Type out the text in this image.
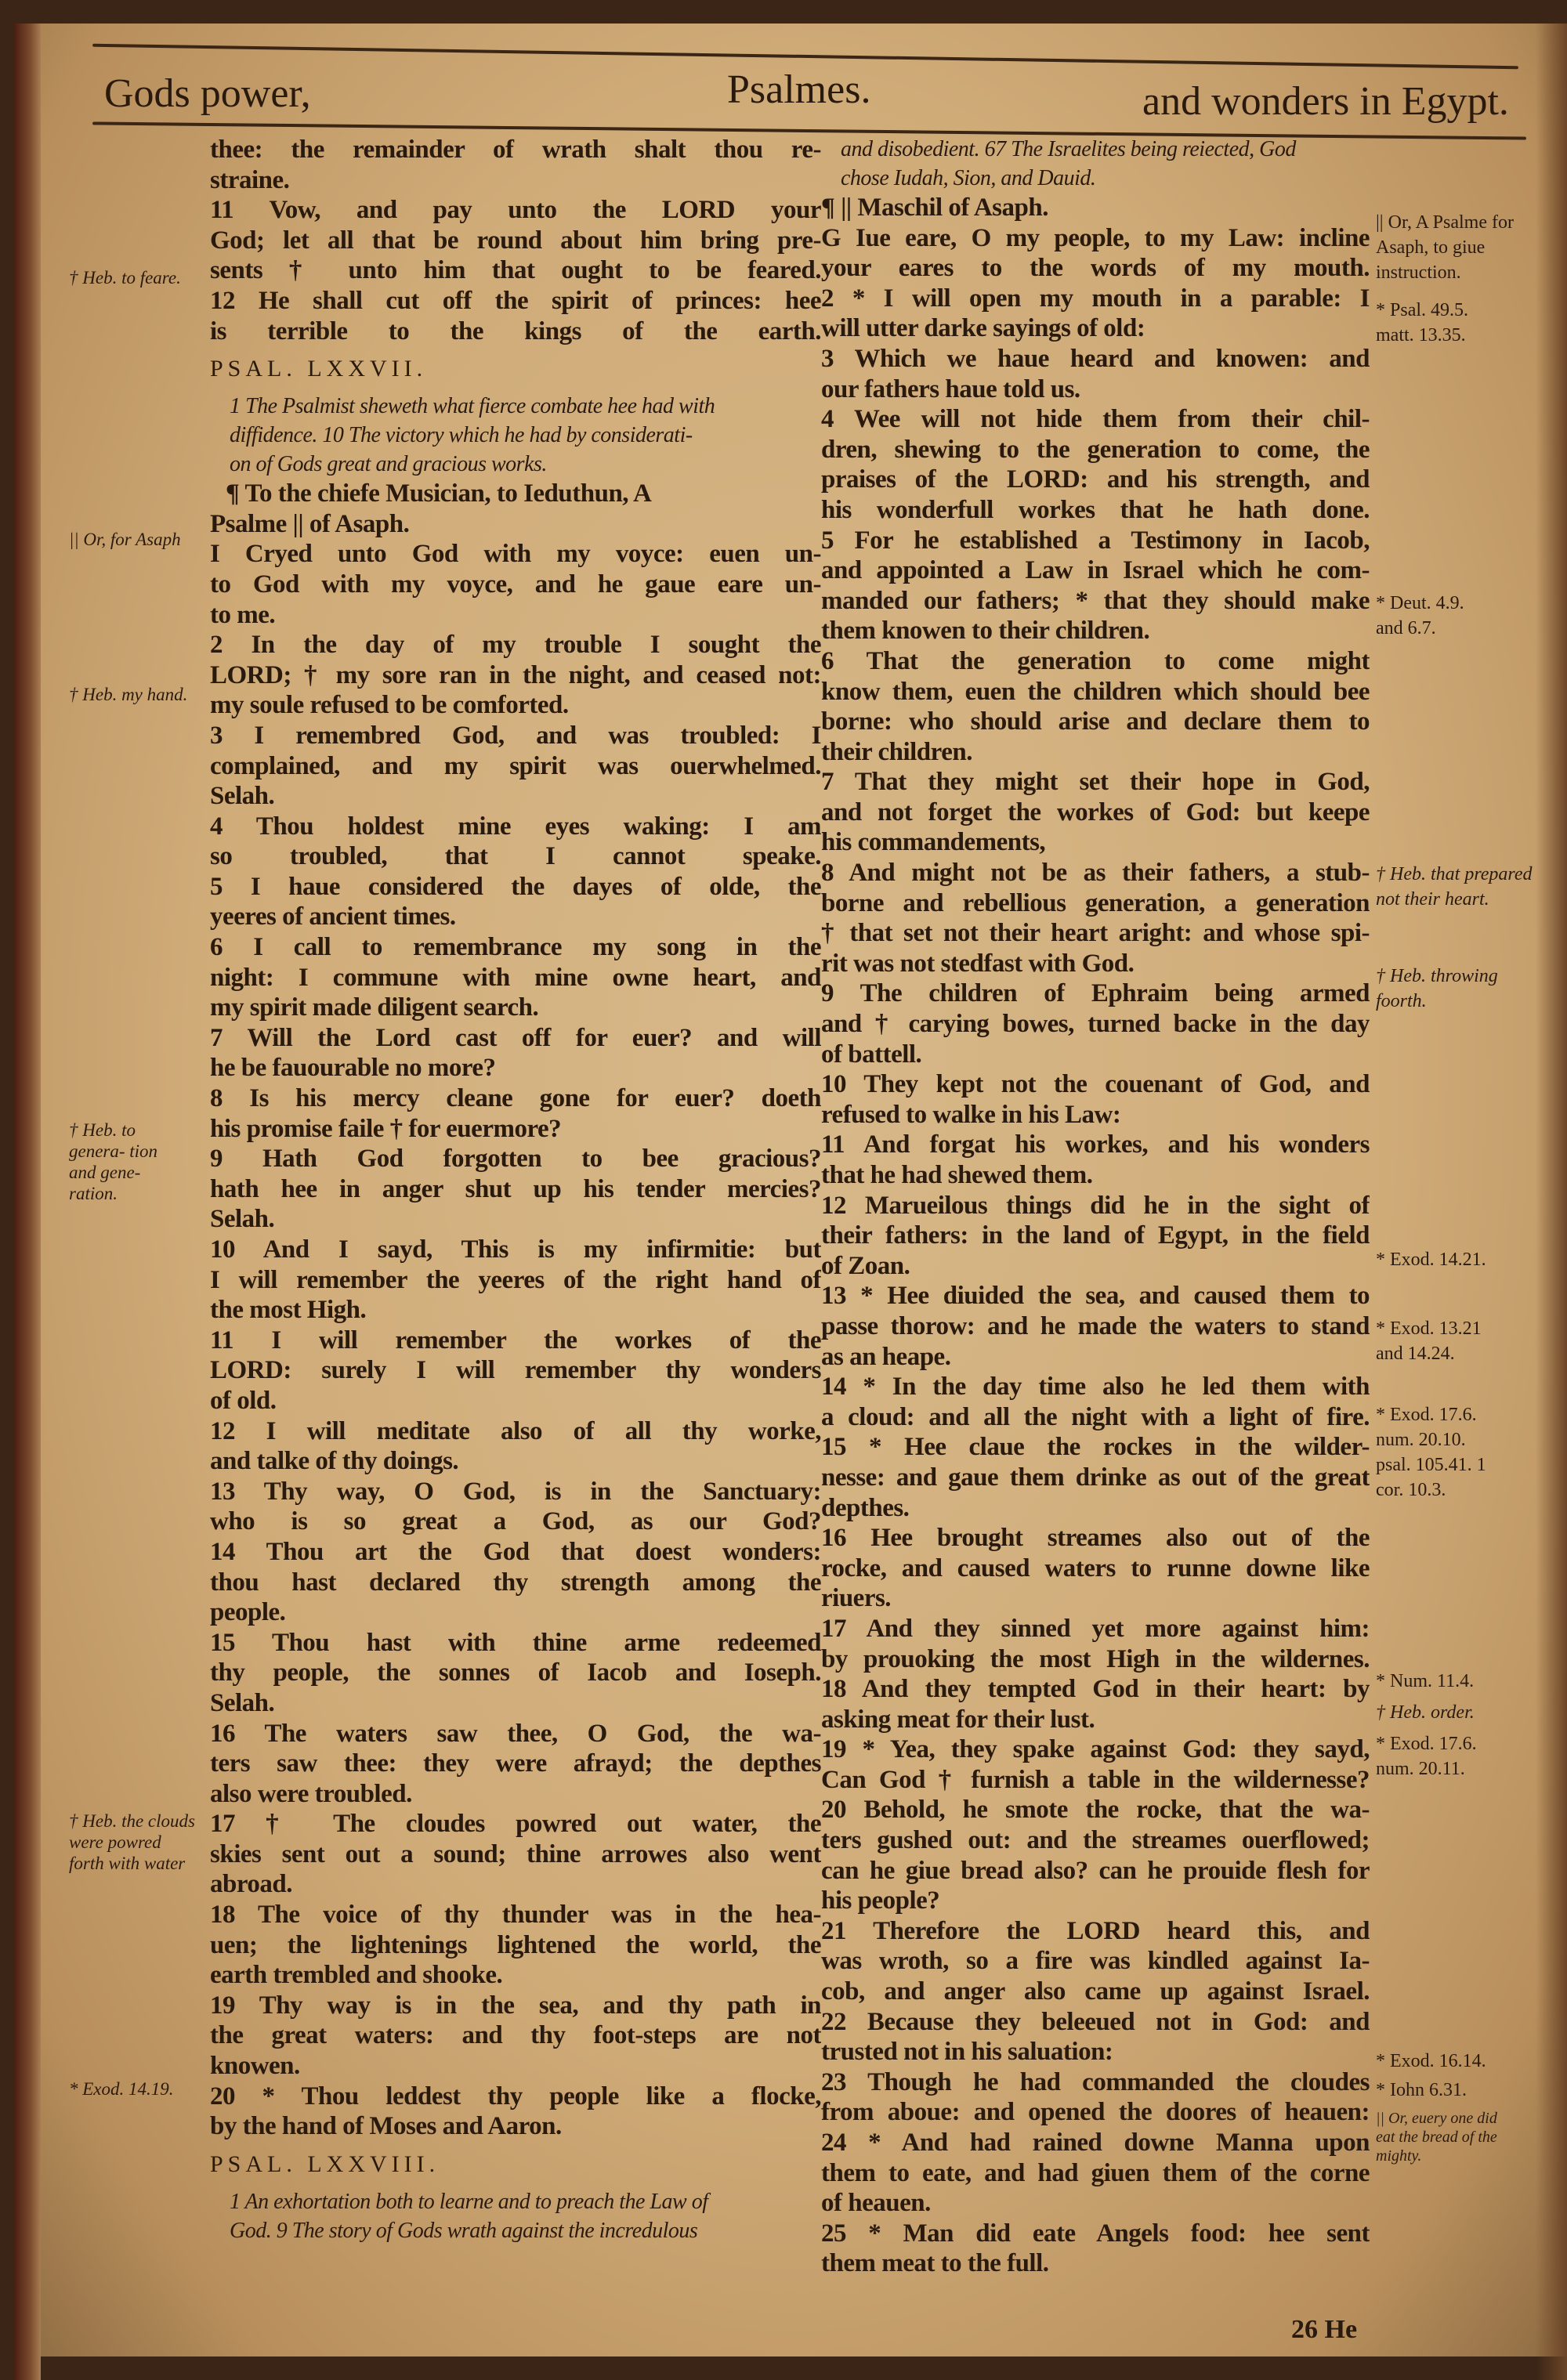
Gods power,	Psalmes.	and wonders in Egypt.
thee: the remainder of wrath shalt thou re-
straine.
11 Vow, and pay unto the LORD your
God; let all that be round about him bring pre-
sents † unto him that ought to be feared.
12 He shall cut off the spirit of princes: hee
is terrible to the kings of the earth.
PSAL. LXXVII.
1 The Psalmist sheweth what fierce combate hee had with
diffidence. 10 The victory which he had by considerati-
on of Gods great and gracious works.
¶ To the chiefe Musician, to Ieduthun, A
Psalme || of Asaph.
I Cryed unto God with my voyce: euen un-
to God with my voyce, and he gaue eare un-
to me.
2 In the day of my trouble I sought the
LORD; † my sore ran in the night, and ceased not:
my soule refused to be comforted.
3 I remembred God, and was troubled: I
complained, and my spirit was ouerwhelmed.
Selah.
4 Thou holdest mine eyes waking: I am
so troubled, that I cannot speake.
5 I haue considered the dayes of olde, the
yeeres of ancient times.
6 I call to remembrance my song in the
night: I commune with mine owne heart, and
my spirit made diligent search.
7 Will the Lord cast off for euer? and will
he be fauourable no more?
8 Is his mercy cleane gone for euer? doeth
his promise faile † for euermore?
9 Hath God forgotten to bee gracious?
hath hee in anger shut up his tender mercies?
Selah.
10 And I sayd, This is my infirmitie: but
I will remember the yeeres of the right hand of
the most High.
11 I will remember the workes of the
LORD: surely I will remember thy wonders
of old.
12 I will meditate also of all thy worke,
and talke of thy doings.
13 Thy way, O God, is in the Sanctuary:
who is so great a God, as our God?
14 Thou art the God that doest wonders:
thou hast declared thy strength among the
people.
15 Thou hast with thine arme redeemed
thy people, the sonnes of Iacob and Ioseph.
Selah.
16 The waters saw thee, O God, the wa-
ters saw thee: they were afrayd; the depthes
also were troubled.
17 † The cloudes powred out water, the
skies sent out a sound; thine arrowes also went
abroad.
18 The voice of thy thunder was in the hea-
uen; the lightenings lightened the world, the
earth trembled and shooke.
19 Thy way is in the sea, and thy path in
the great waters: and thy foot-steps are not
knowen.
20 * Thou leddest thy people like a flocke,
by the hand of Moses and Aaron.
PSAL. LXXVIII.
1 An exhortation both to learne and to preach the Law of
God. 9 The story of Gods wrath against the incredulous
and disobedient. 67 The Israelites being reiected, God
chose Iudah, Sion, and Dauid.
¶ || Maschil of Asaph.
G Iue eare, O my people, to my Law: incline
your eares to the words of my mouth.
2 * I will open my mouth in a parable: I
will utter darke sayings of old:
3 Which we haue heard and knowen: and
our fathers haue told us.
4 Wee will not hide them from their chil-
dren, shewing to the generation to come, the
praises of the LORD: and his strength, and
his wonderfull workes that he hath done.
5 For he established a Testimony in Iacob,
and appointed a Law in Israel which he com-
manded our fathers; * that they should make
them knowen to their children.
6 That the generation to come might
know them, euen the children which should bee
borne: who should arise and declare them to
their children.
7 That they might set their hope in God,
and not forget the workes of God: but keepe
his commandements,
8 And might not be as their fathers, a stub-
borne and rebellious generation, a generation
† that set not their heart aright: and whose spi-
rit was not stedfast with God.
9 The children of Ephraim being armed
and † carying bowes, turned backe in the day
of battell.
10 They kept not the couenant of God, and
refused to walke in his Law:
11 And forgat his workes, and his wonders
that he had shewed them.
12 Marueilous things did he in the sight of
their fathers: in the land of Egypt, in the field
of Zoan.
13 * Hee diuided the sea, and caused them to
passe thorow: and he made the waters to stand
as an heape.
14 * In the day time also he led them with
a cloud: and all the night with a light of fire.
15 * Hee claue the rockes in the wilder-
nesse: and gaue them drinke as out of the great
depthes.
16 Hee brought streames also out of the
rocke, and caused waters to runne downe like
riuers.
17 And they sinned yet more against him:
by prouoking the most High in the wildernes.
18 And they tempted God in their heart: by
asking meat for their lust.
19 * Yea, they spake against God: they sayd,
Can God † furnish a table in the wildernesse?
20 Behold, he smote the rocke, that the wa-
ters gushed out: and the streames ouerflowed;
can he giue bread also? can he prouide flesh for
his people?
21 Therefore the LORD heard this, and
was wroth, so a fire was kindled against Ia-
cob, and anger also came up against Israel.
22 Because they beleeued not in God: and
trusted not in his saluation:
23 Though he had commanded the cloudes
from aboue: and opened the doores of heauen:
24 * And had rained downe Manna upon
them to eate, and had giuen them of the corne
of heauen.
25 * Man did eate Angels food: hee sent
them meat to the full.
† Heb. to feare.
|| Or, for Asaph
† Heb. my hand.
† Heb. to genera- tion and gene- ration.
† Heb. the clouds were powred forth with water
* Exod. 14.19.
|| Or, A Psalme for Asaph, to giue instruction.
* Psal. 49.5. matt. 13.35.
* Deut. 4.9. and 6.7.
† Heb. that prepared not their heart.
† Heb. throwing foorth.
* Exod. 14.21.
* Exod. 13.21 and 14.24.
* Exod. 17.6. num. 20.10. psal. 105.41. 1 cor. 10.3.
* Num. 11.4.
† Heb. order.
* Exod. 17.6. num. 20.11.
* Exod. 16.14.
* Iohn 6.31.
|| Or, euery one did eat the bread of the mighty.
26 He
